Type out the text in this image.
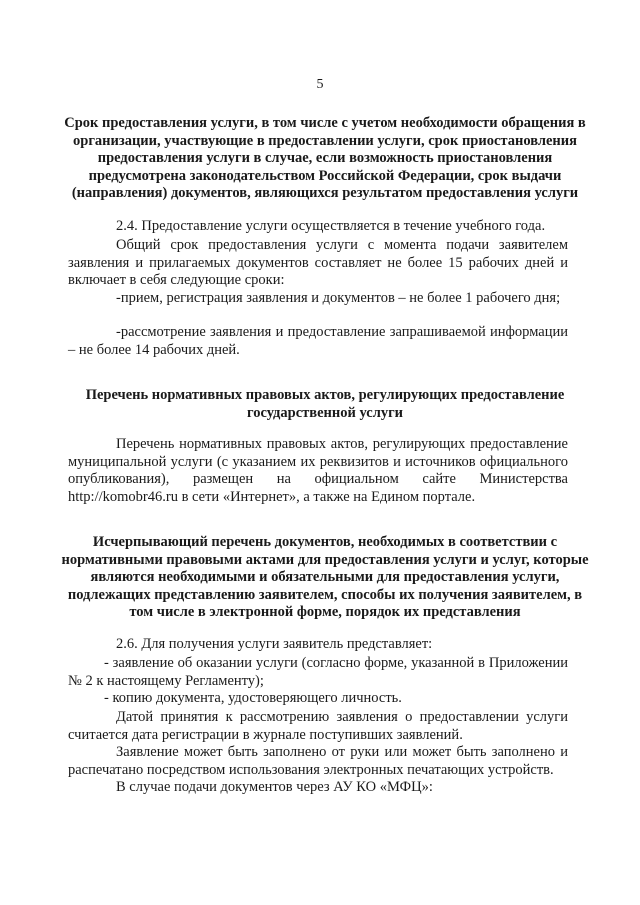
5
Срок предоставления услуги, в том числе с учетом необходимости обращения в организации, участвующие в предоставлении услуги, срок приостановления предоставления услуги в случае, если возможность приостановления предусмотрена законодательством Российской Федерации, срок выдачи (направления) документов, являющихся результатом предоставления услуги
2.4. Предоставление услуги осуществляется в течение учебного года.
Общий срок предоставления услуги с момента подачи заявителем заявления и прилагаемых документов составляет не более 15 рабочих дней и включает в себя следующие сроки:
-прием, регистрация заявления и документов – не более 1 рабочего дня;
-рассмотрение заявления и предоставление запрашиваемой информации – не более 14 рабочих дней.
Перечень нормативных правовых актов, регулирующих предоставление государственной услуги
Перечень нормативных правовых актов, регулирующих предоставление муниципальной услуги (с указанием их реквизитов и источников официального опубликования), размещен на официальном сайте Министерства http://komobr46.ru в сети «Интернет», а также на Едином портале.
Исчерпывающий перечень документов, необходимых в соответствии с нормативными правовыми актами для предоставления услуги и услуг, которые являются необходимыми и обязательными для предоставления услуги, подлежащих представлению заявителем, способы их получения заявителем, в том числе в электронной форме, порядок их представления
2.6. Для получения услуги заявитель представляет:
- заявление об оказании услуги (согласно форме, указанной в Приложении № 2 к настоящему Регламенту);
- копию документа, удостоверяющего личность.
Датой принятия к рассмотрению заявления о предоставлении услуги считается дата регистрации в журнале поступивших заявлений.
Заявление может быть заполнено от руки или может быть заполнено и распечатано посредством использования электронных печатающих устройств.
В случае подачи документов через АУ КО «МФЦ»:
